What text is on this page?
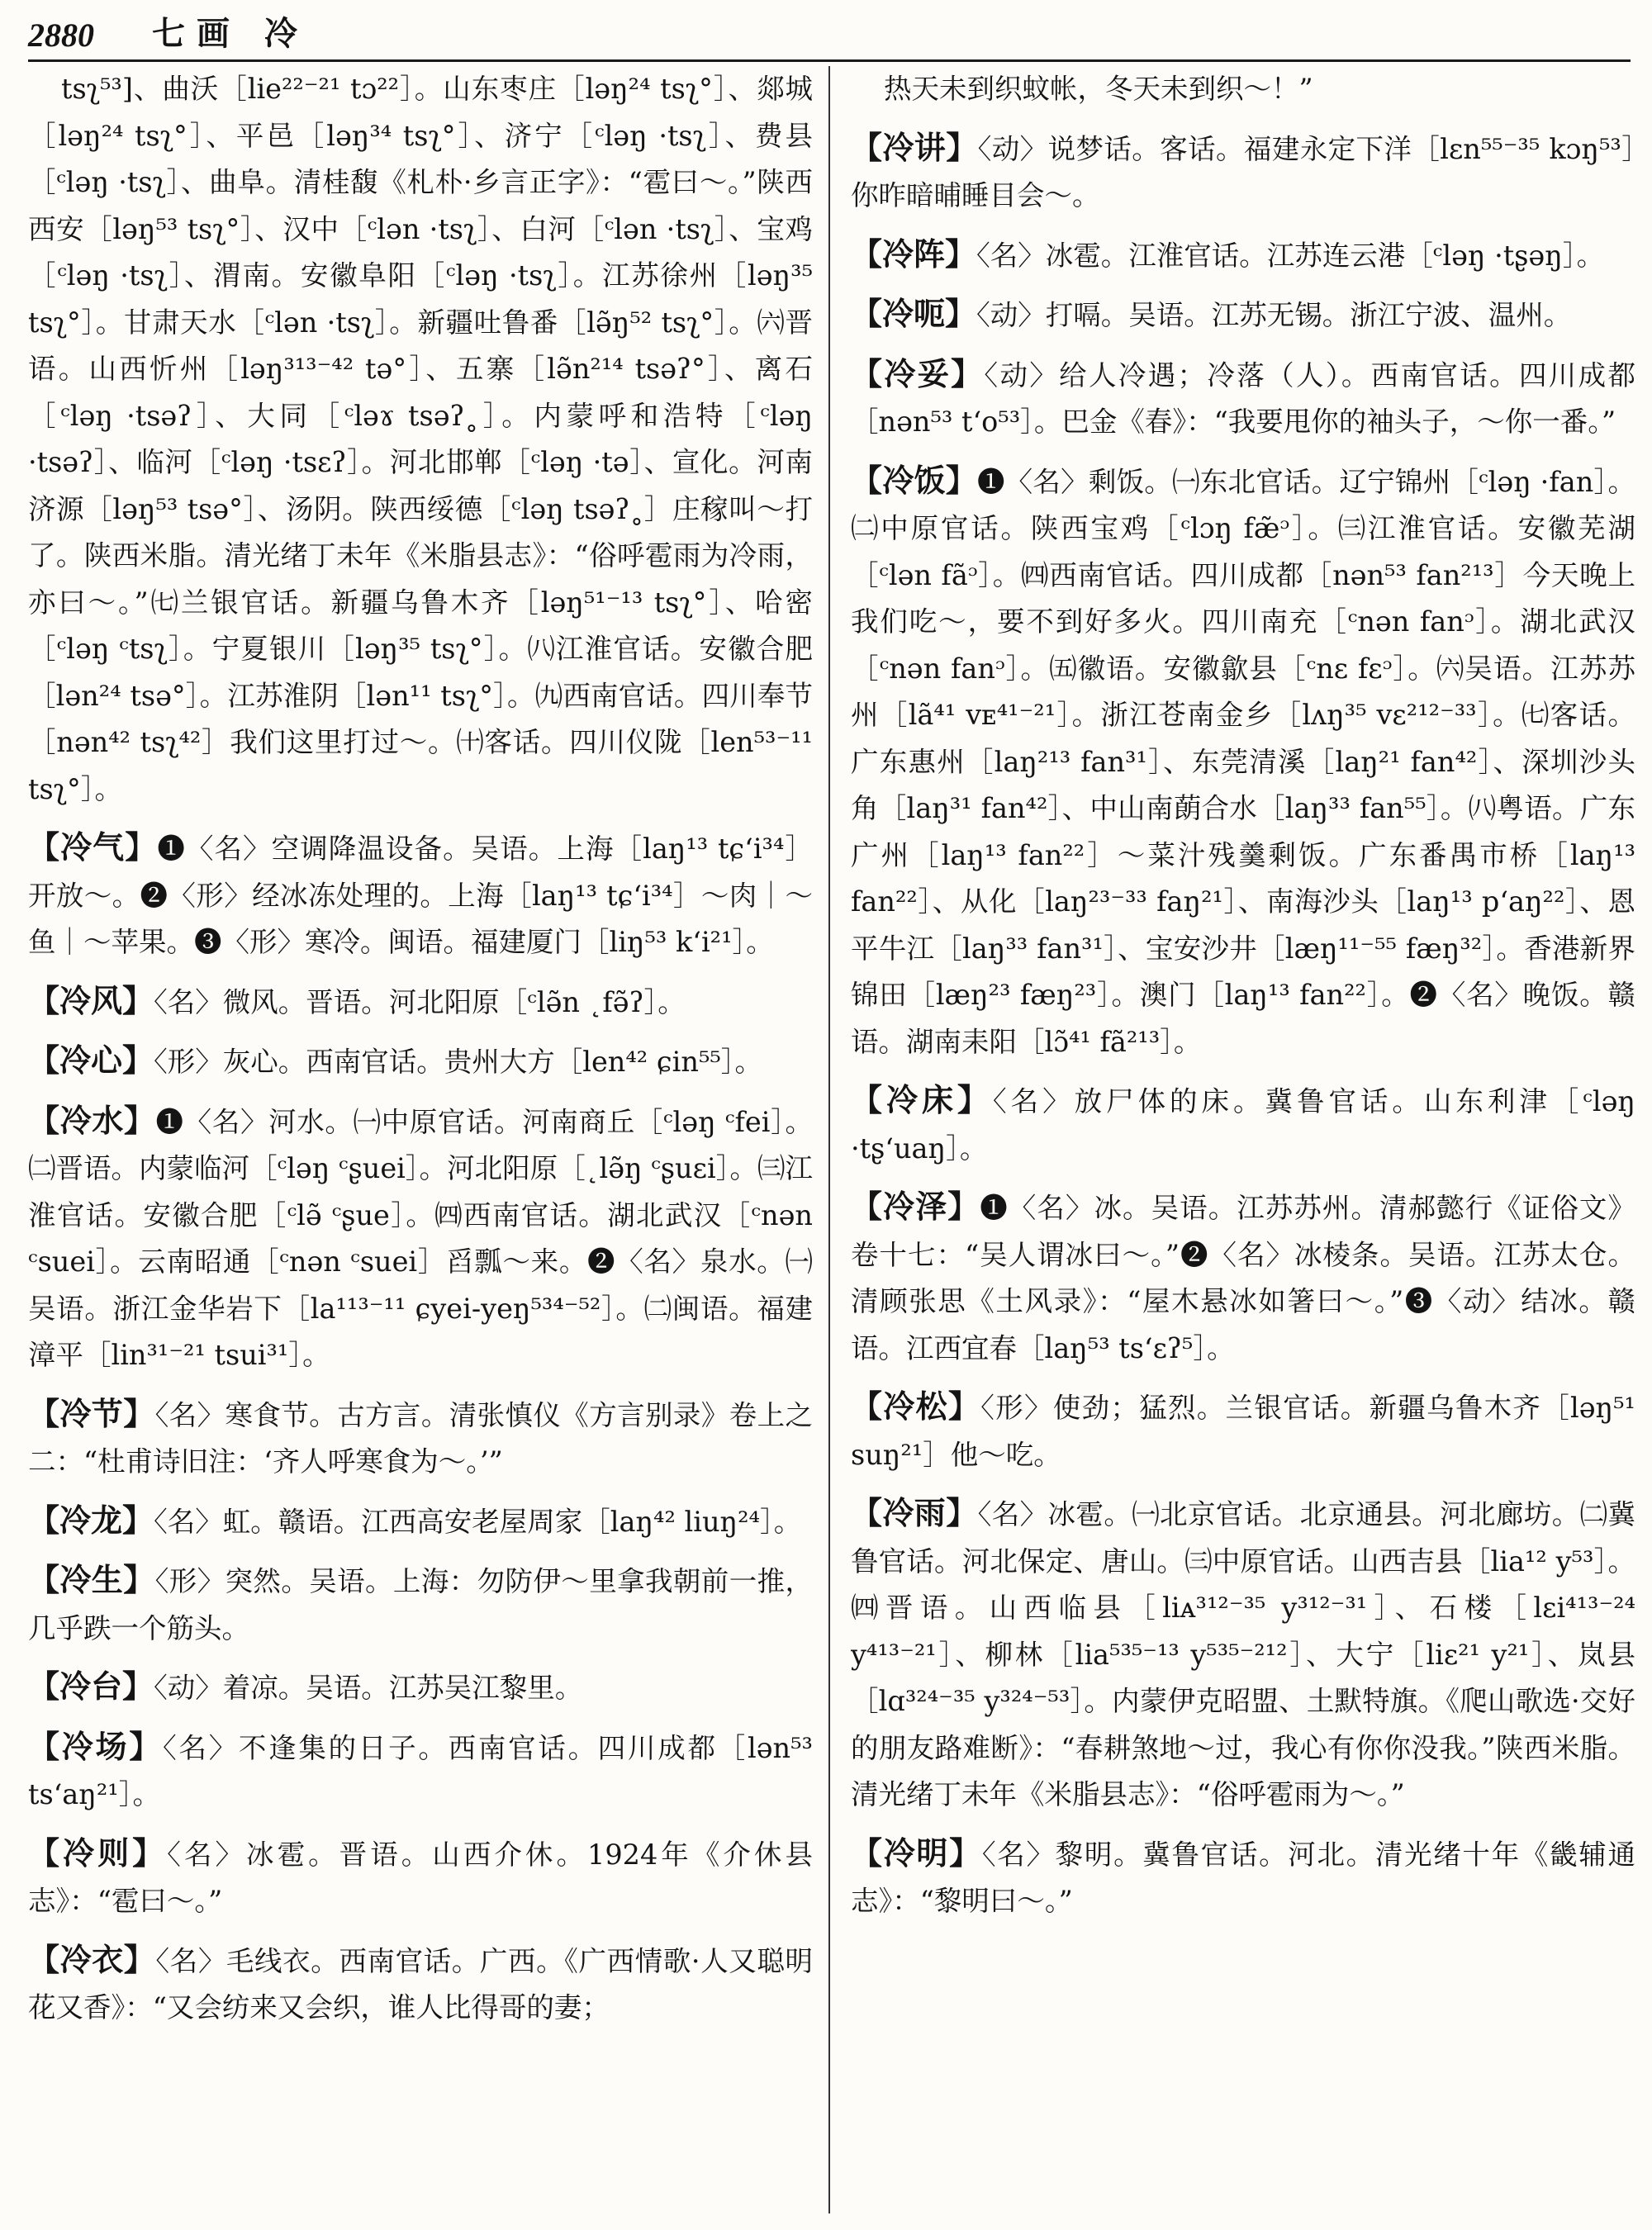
2880 七画 冷

tsʅ⁵³]、曲沃［lie²²⁻²¹ tɔ²²］。山东枣庄［ləŋ²⁴ tsʅ°］、郯城［ləŋ²⁴ tsʅ°］、平邑［ləŋ³⁴ tsʅ°］、济宁［ᶜləŋ ·tsʅ］、费县［ᶜləŋ ·tsʅ］、曲阜。清桂馥《札朴·乡言正字》：“雹曰～。”陕西西安［ləŋ⁵³ tsʅ°］、汉中［ᶜlən ·tsʅ］、白河［ᶜlən ·tsʅ］、宝鸡［ᶜləŋ ·tsʅ］、渭南。安徽阜阳［ᶜləŋ ·tsʅ］。江苏徐州［ləŋ³⁵ tsʅ°］。甘肃天水［ᶜlən ·tsʅ］。新疆吐鲁番［lə̃ŋ⁵² tsʅ°］。㈥晋语。山西忻州［ləŋ³¹³⁻⁴² tə°］、五寨［lə̃n²¹⁴ tsəʔ°］、离石［ᶜləŋ ·tsəʔ］、大同［ᶜləɤ tsəʔ˳］。内蒙呼和浩特［ᶜləŋ ·tsəʔ］、临河［ᶜləŋ ·tsɛʔ］。河北邯郸［ᶜləŋ ·tə］、宣化。河南济源［ləŋ⁵³ tsə°］、汤阴。陕西绥德［ᶜləŋ tsəʔ˳］庄稼叫～打了。陕西米脂。清光绪丁未年《米脂县志》：“俗呼雹雨为冷雨，亦曰～。”㈦兰银官话。新疆乌鲁木齐［ləŋ⁵¹⁻¹³ tsʅ°］、哈密［ᶜləŋ ᶜtsʅ］。宁夏银川［ləŋ³⁵ tsʅ°］。㈧江淮官话。安徽合肥［lən²⁴ tsə°］。江苏淮阴［lən¹¹ tsʅ°］。㈨西南官话。四川奉节［nən⁴² tsʅ⁴²］我们这里打过～。㈩客话。四川仪陇［len⁵³⁻¹¹ tsʅ°］。

【冷气】❶〈名〉空调降温设备。吴语。上海［laŋ¹³ tɕʻi³⁴］开放～。❷〈形〉经冰冻处理的。上海［laŋ¹³ tɕʻi³⁴］～肉｜～鱼｜～苹果。❸〈形〉寒冷。闽语。福建厦门［liŋ⁵³ kʻi²¹］。

【冷风】〈名〉微风。晋语。河北阳原［ᶜlə̃n ˛fə̃ʔ］。

【冷心】〈形〉灰心。西南官话。贵州大方［len⁴² ɕin⁵⁵］。

【冷水】❶〈名〉河水。㈠中原官话。河南商丘［ᶜləŋ ᶜfei］。㈡晋语。内蒙临河［ᶜləŋ ᶜʂuei］。河北阳原［˛lə̃ŋ ᶜʂuɛi］。㈢江淮官话。安徽合肥［ᶜlə̃ ᶜʂue］。㈣西南官话。湖北武汉［ᶜnən ᶜsuei］。云南昭通［ᶜnən ᶜsuei］舀瓢～来。❷〈名〉泉水。㈠吴语。浙江金华岩下［la¹¹³⁻¹¹ ɕyei-yeŋ⁵³⁴⁻⁵²］。㈡闽语。福建漳平［lin³¹⁻²¹ tsui³¹］。

【冷节】〈名〉寒食节。古方言。清张慎仪《方言别录》卷上之二：“杜甫诗旧注：‘齐人呼寒食为～。’”

【冷龙】〈名〉虹。赣语。江西高安老屋周家［laŋ⁴² liuŋ²⁴］。

【冷生】〈形〉突然。吴语。上海：勿防伊～里拿我朝前一推，几乎跌一个筋头。

【冷台】〈动〉着凉。吴语。江苏吴江黎里。

【冷场】〈名〉不逢集的日子。西南官话。四川成都［lən⁵³ tsʻaŋ²¹］。

【冷则】〈名〉冰雹。晋语。山西介休。1924年《介休县志》：“雹曰～。”

【冷衣】〈名〉毛线衣。西南官话。广西。《广西情歌·人又聪明花又香》：“又会纺来又会织，谁人比得哥的妻；

热天未到织蚊帐，冬天未到织～！”

【冷讲】〈动〉说梦话。客话。福建永定下洋［lɛn⁵⁵⁻³⁵ kɔŋ⁵³］你昨暗晡睡目会～。

【冷阵】〈名〉冰雹。江淮官话。江苏连云港［ᶜləŋ ·tʂəŋ］。

【冷呃】〈动〉打嗝。吴语。江苏无锡。浙江宁波、温州。

【冷妥】〈动〉给人冷遇；冷落（人）。西南官话。四川成都［nən⁵³ tʻo⁵³］。巴金《春》：“我要甩你的袖头子，～你一番。”

【冷饭】❶〈名〉剩饭。㈠东北官话。辽宁锦州［ᶜləŋ ·fan］。㈡中原官话。陕西宝鸡［ᶜlɔŋ fæ̃ᵓ］。㈢江淮官话。安徽芜湖［ᶜlən fãᵓ］。㈣西南官话。四川成都［nən⁵³ fan²¹³］今天晚上我们吃～，要不到好多火。四川南充［ᶜnən fanᵓ］。湖北武汉［ᶜnən fanᵓ］。㈤徽语。安徽歙县［ᶜnɛ fɛᵓ］。㈥吴语。江苏苏州［lã⁴¹ vᴇ⁴¹⁻²¹］。浙江苍南金乡［lʌŋ³⁵ vɛ²¹²⁻³³］。㈦客话。广东惠州［laŋ²¹³ fan³¹］、东莞清溪［laŋ²¹ fan⁴²］、深圳沙头角［laŋ³¹ fan⁴²］、中山南蓢合水［laŋ³³ fan⁵⁵］。㈧粤语。广东广州［laŋ¹³ fan²²］～菜汁残羹剩饭。广东番禺市桥［laŋ¹³ fan²²］、从化［laŋ²³⁻³³ faŋ²¹］、南海沙头［laŋ¹³ pʻaŋ²²］、恩平牛江［laŋ³³ fan³¹］、宝安沙井［læŋ¹¹⁻⁵⁵ fæŋ³²］。香港新界锦田［læŋ²³ fæŋ²³］。澳门［laŋ¹³ fan²²］。❷〈名〉晚饭。赣语。湖南耒阳［lɔ̃⁴¹ fã²¹³］。

【冷床】〈名〉放尸体的床。冀鲁官话。山东利津［ᶜləŋ ·tʂʻuaŋ］。

【冷泽】❶〈名〉冰。吴语。江苏苏州。清郝懿行《证俗文》卷十七：“吴人谓冰曰～。”❷〈名〉冰棱条。吴语。江苏太仓。清顾张思《土风录》：“屋木悬冰如箸曰～。”❸〈动〉结冰。赣语。江西宜春［laŋ⁵³ tsʻɛʔ⁵］。

【冷松】〈形〉使劲；猛烈。兰银官话。新疆乌鲁木齐［ləŋ⁵¹ suŋ²¹］他～吃。

【冷雨】〈名〉冰雹。㈠北京官话。北京通县。河北廊坊。㈡冀鲁官话。河北保定、唐山。㈢中原官话。山西吉县［lia¹² y⁵³］。㈣晋语。山西临县［liᴀ³¹²⁻³⁵ y³¹²⁻³¹］、石楼［lɛi⁴¹³⁻²⁴ y⁴¹³⁻²¹］、柳林［lia⁵³⁵⁻¹³ y⁵³⁵⁻²¹²］、大宁［liɛ²¹ y²¹］、岚县［lɑ³²⁴⁻³⁵ y³²⁴⁻⁵³］。内蒙伊克昭盟、土默特旗。《爬山歌选·交好的朋友路难断》：“春耕煞地～过，我心有你你没我。”陕西米脂。清光绪丁未年《米脂县志》：“俗呼雹雨为～。”

【冷明】〈名〉黎明。冀鲁官话。河北。清光绪十年《畿辅通志》：“黎明曰～。”
